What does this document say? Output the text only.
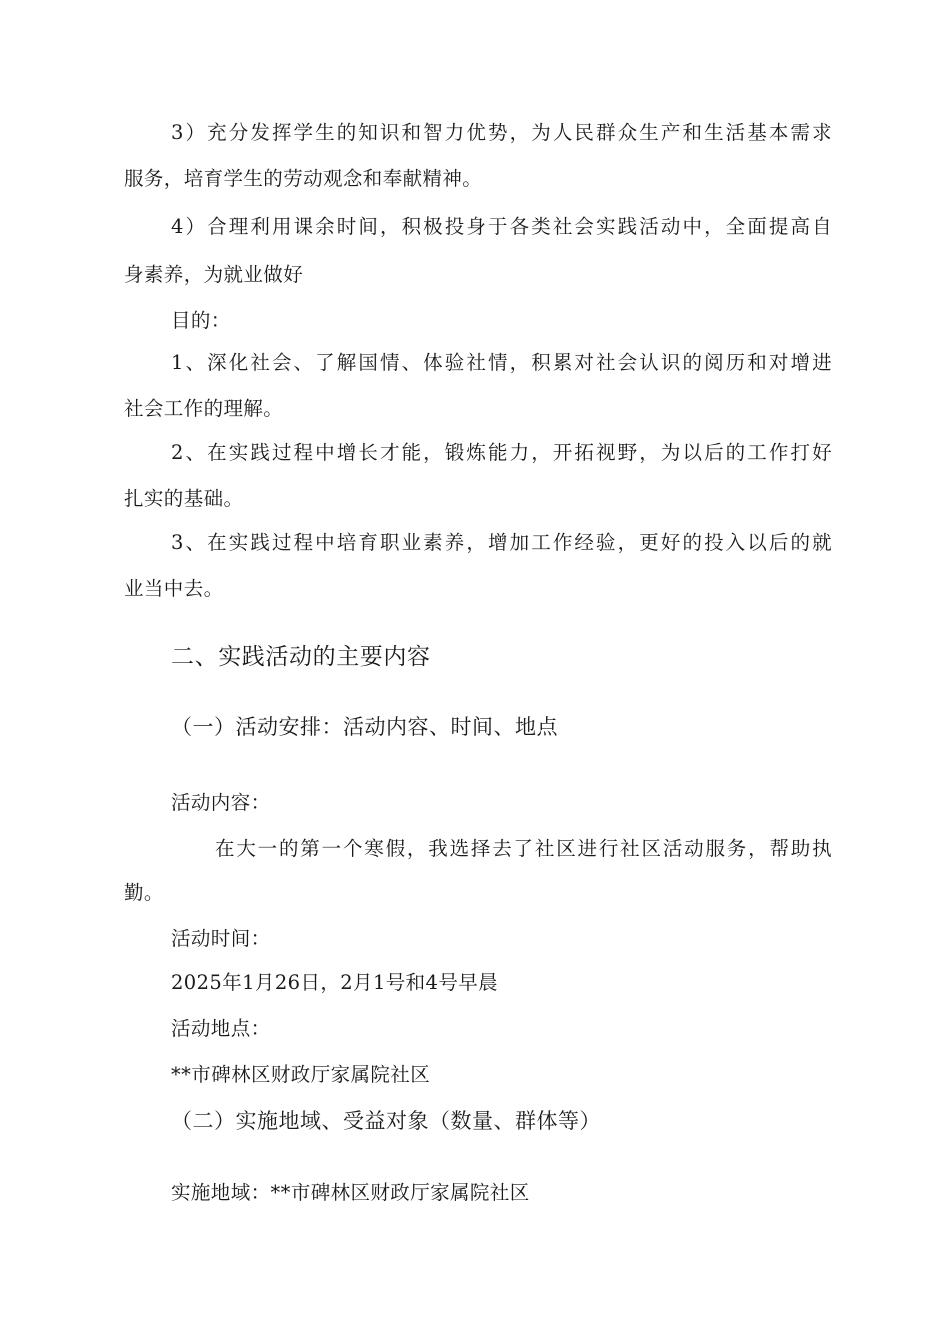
3）充分发挥学生的知识和智力优势，为人民群众生产和生活基本需求
服务，培育学生的劳动观念和奉献精神。
4）合理利用课余时间，积极投身于各类社会实践活动中，全面提高自
身素养，为就业做好
目的：
1、深化社会、了解国情、体验社情，积累对社会认识的阅历和对增进
社会工作的理解。
2、在实践过程中增长才能，锻炼能力，开拓视野，为以后的工作打好
扎实的基础。
3、在实践过程中培育职业素养，增加工作经验，更好的投入以后的就
业当中去。
二、实践活动的主要内容
（一）活动安排：活动内容、时间、地点
活动内容：
在大一的第一个寒假，我选择去了社区进行社区活动服务，帮助执
勤。
活动时间：
2025年1月26日，2月1号和4号早晨
活动地点：
**市碑林区财政厅家属院社区
（二）实施地域、受益对象（数量、群体等）
实施地域：**市碑林区财政厅家属院社区
